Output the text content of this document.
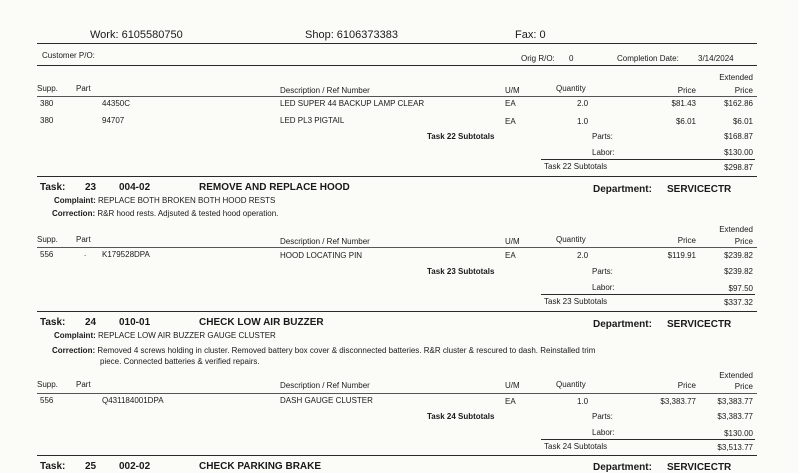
Work: 6105580750	Shop: 6106373383	Fax: 0
Customer P/O:	Orig R/O: 0	Completion Date: 3/14/2024
Extended
Supp. Part	Description / Ref Number	U/M	Quantity	Price	Price
380	44350C	LED SUPER 44 BACKUP LAMP CLEAR	EA	2.0	$81.43	$162.86
380	94707	LED PL3 PIGTAIL	EA	1.0	$6.01	$6.01
Task 22 Subtotals	Parts:	$168.87
Labor:	$130.00
Task 22 Subtotals	$298.87
Task: 23 004-02	REMOVE AND REPLACE HOOD	Department: SERVICECTR
Complaint: REPLACE BOTH BROKEN BOTH HOOD RESTS
Correction: R&R hood rests. Adjsuted & tested hood operation.
Extended
Supp. Part	Description / Ref Number	U/M	Quantity	Price	Price
556	. K179528DPA	HOOD LOCATING PIN	EA	2.0	$119.91	$239.82
Task 23 Subtotals	Parts:	$239.82
Labor:	$97.50
Task 23 Subtotals	$337.32
Task: 24 010-01	CHECK LOW AIR BUZZER	Department: SERVICECTR
Complaint: REPLACE LOW AIR BUZZER GAUGE CLUSTER
Correction: Removed 4 screws holding in cluster. Removed battery box cover & disconnected batteries. R&R cluster & rescured to dash. Reinstalled trim
piece. Connected batteries & verified repairs.
Extended
Supp. Part	Description / Ref Number	U/M	Quantity	Price	Price
556	Q431184001DPA	DASH GAUGE CLUSTER	EA	1.0	$3,383.77	$3,383.77
Task 24 Subtotals	Parts:	$3,383.77
Labor:	$130.00
Task 24 Subtotals	$3,513.77
Task: 25 002-02	CHECK PARKING BRAKE	Department: SERVICECTR
